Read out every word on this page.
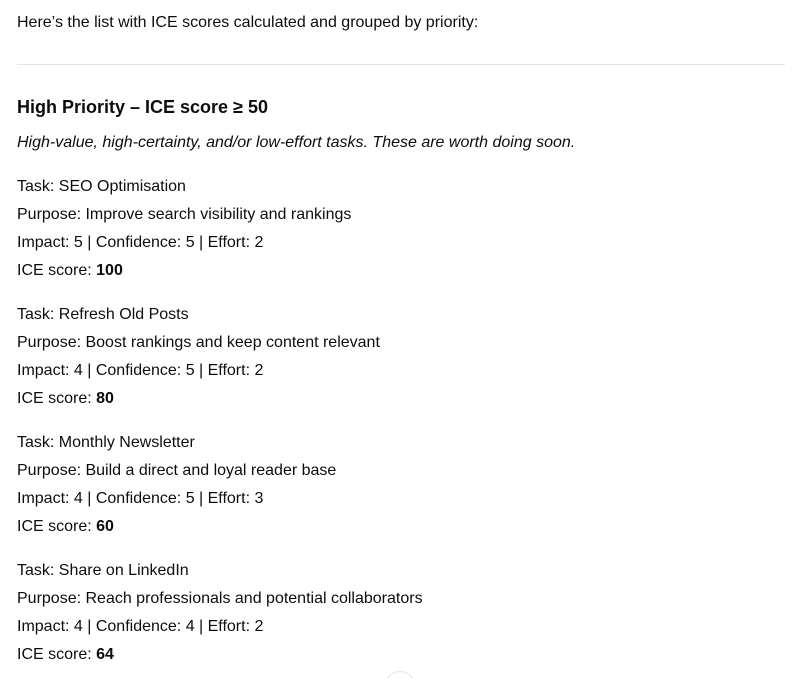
Here’s the list with ICE scores calculated and grouped by priority:
High Priority – ICE score ≥ 50
High-value, high-certainty, and/or low-effort tasks. These are worth doing soon.
Task: SEO Optimisation
Purpose: Improve search visibility and rankings
Impact: 5 | Confidence: 5 | Effort: 2
ICE score: 100
Task: Refresh Old Posts
Purpose: Boost rankings and keep content relevant
Impact: 4 | Confidence: 5 | Effort: 2
ICE score: 80
Task: Monthly Newsletter
Purpose: Build a direct and loyal reader base
Impact: 4 | Confidence: 5 | Effort: 3
ICE score: 60
Task: Share on LinkedIn
Purpose: Reach professionals and potential collaborators
Impact: 4 | Confidence: 4 | Effort: 2
ICE score: 64
